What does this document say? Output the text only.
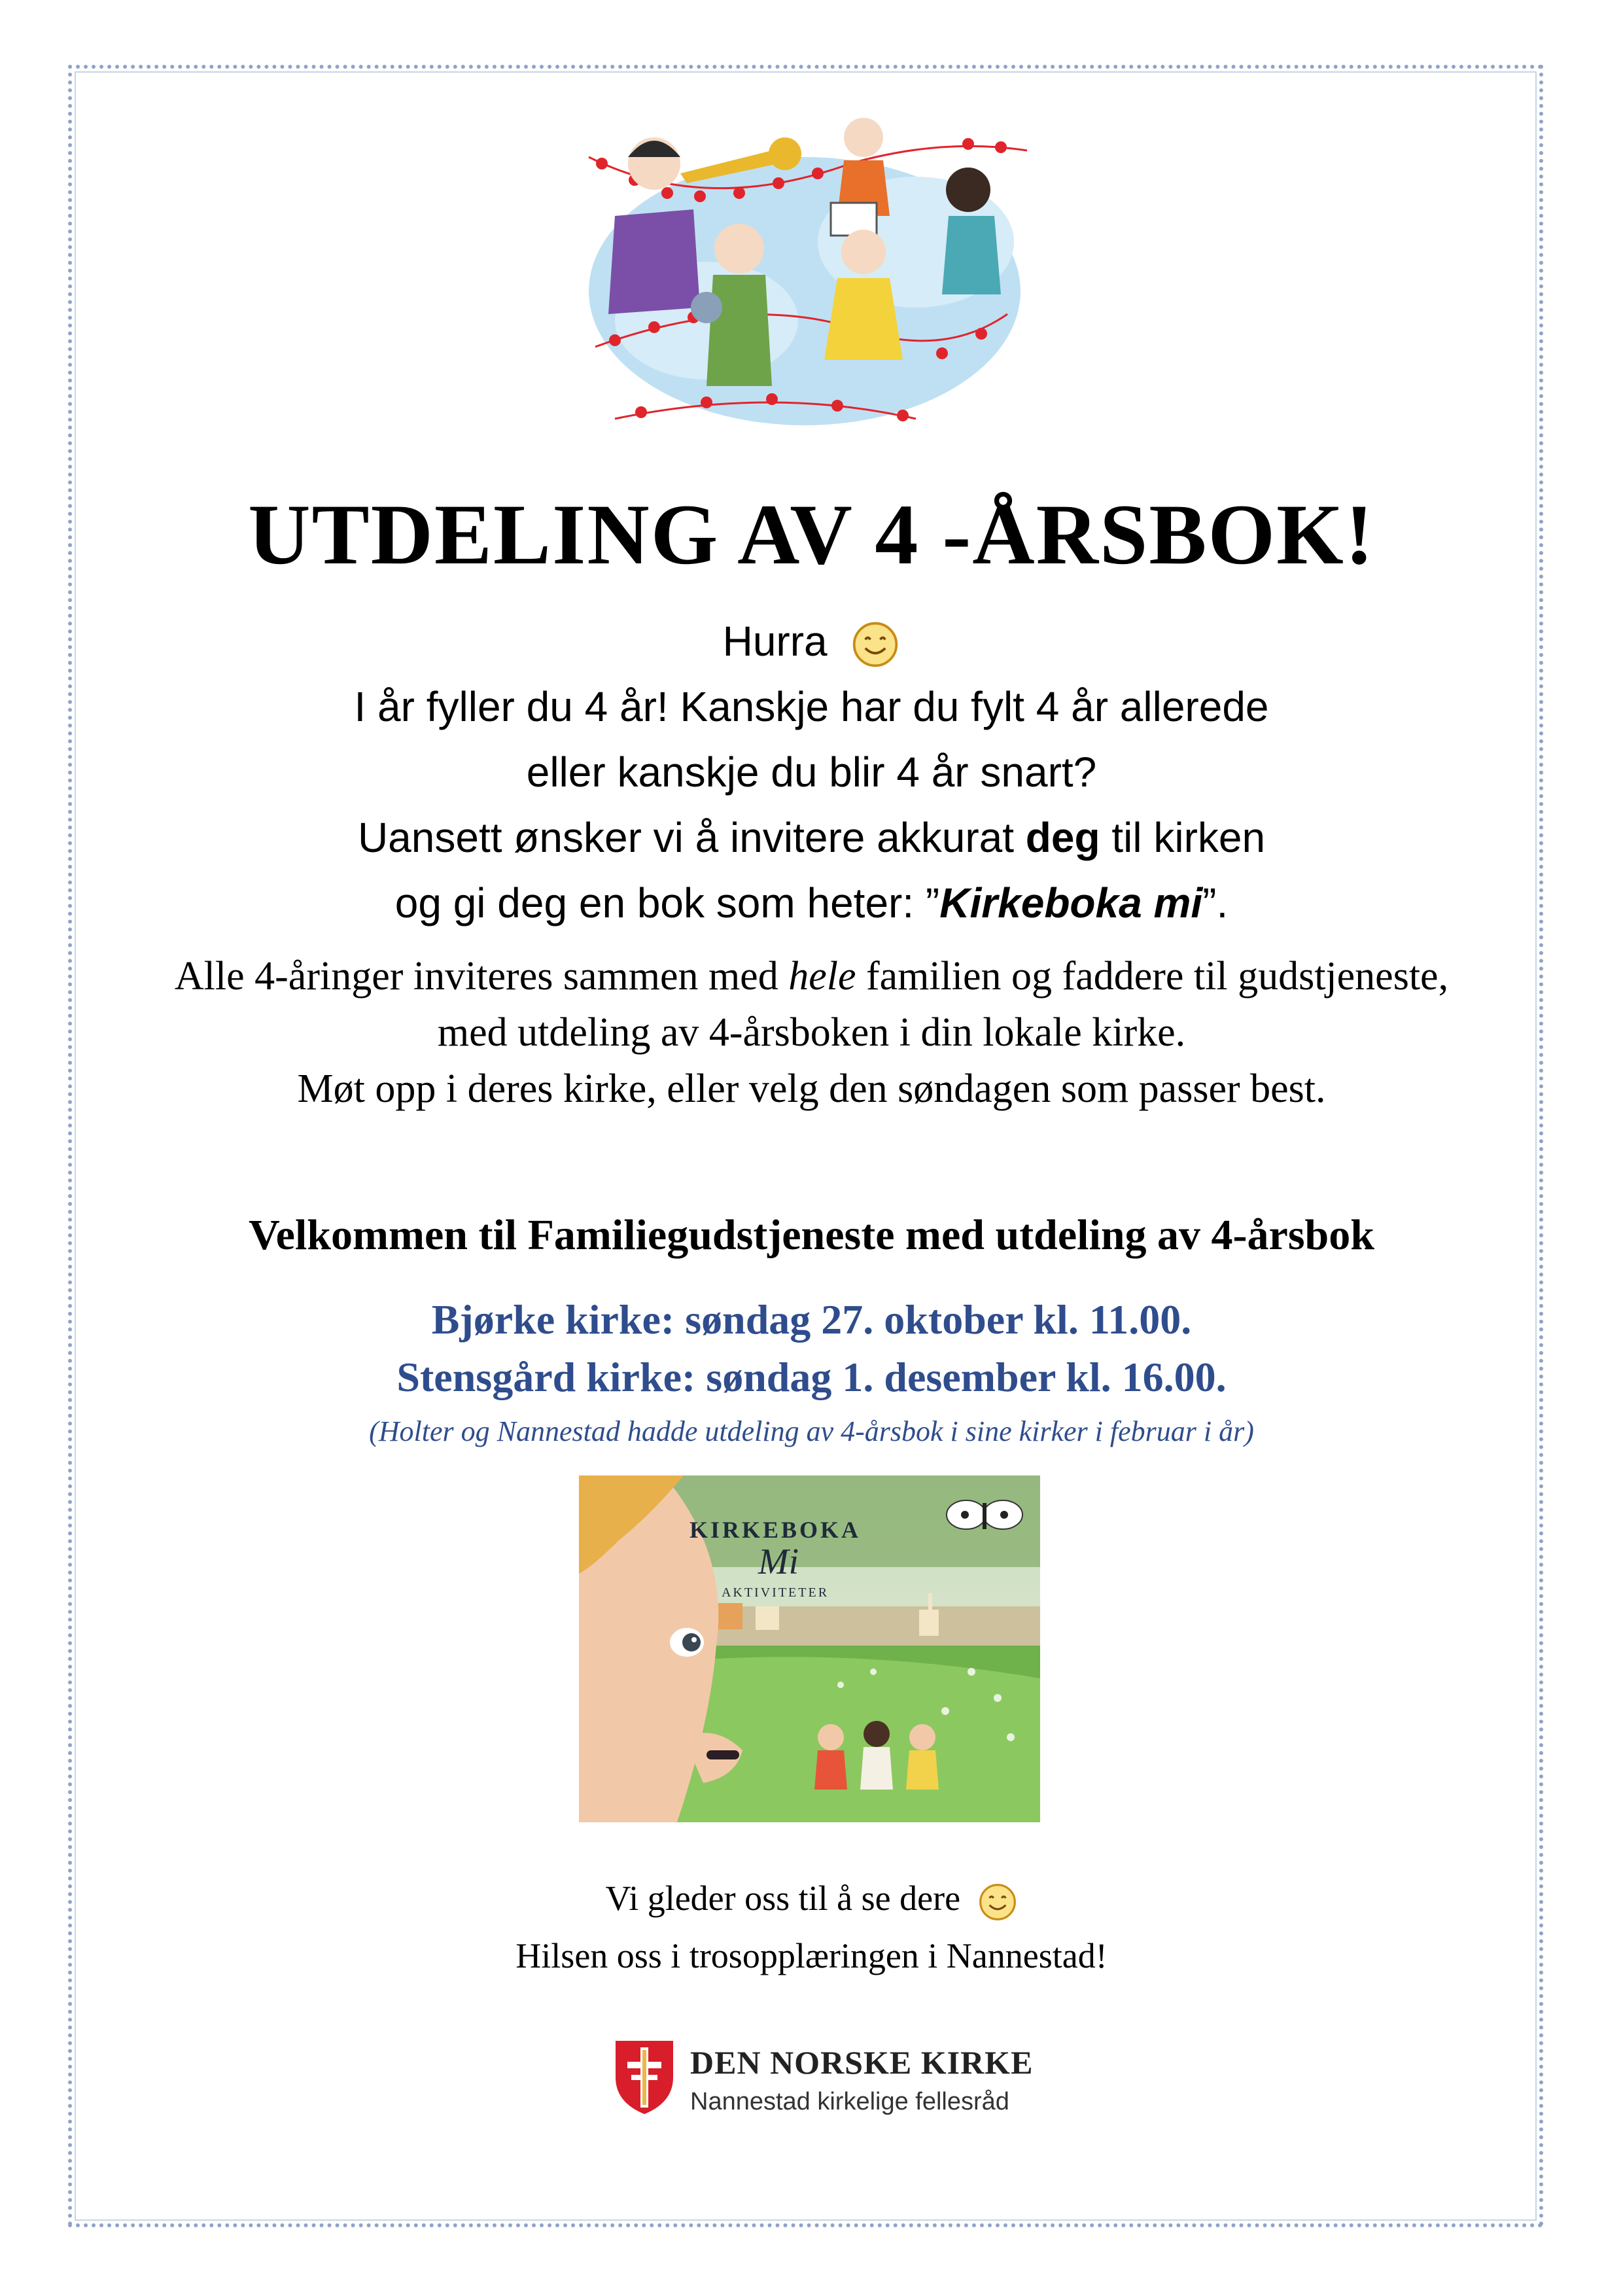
UTDELING AV 4 -ÅRSBOK!
Hurra
I år fyller du 4 år! Kanskje har du fylt 4 år allerede
eller kanskje du blir 4 år snart?
Uansett ønsker vi å invitere akkurat deg til kirken
og gi deg en bok som heter: ”Kirkeboka mi”.
Alle 4-åringer inviteres sammen med hele familien og faddere til gudstjeneste,
med utdeling av 4-årsboken i din lokale kirke.
Møt opp i deres kirke, eller velg den søndagen som passer best.
Velkommen til Familiegudstjeneste med utdeling av 4-årsbok
Bjørke kirke: søndag 27. oktober kl. 11.00.
Stensgård kirke: søndag 1. desember kl. 16.00.
(Holter og Nannestad hadde utdeling av 4-årsbok i sine kirker i februar i år)
KIRKEBOKA
Mi
AKTIVITETER
Vi gleder oss til å se dere
Hilsen oss i trosopplæringen i Nannestad!
DEN NORSKE KIRKE
Nannestad kirkelige fellesråd
